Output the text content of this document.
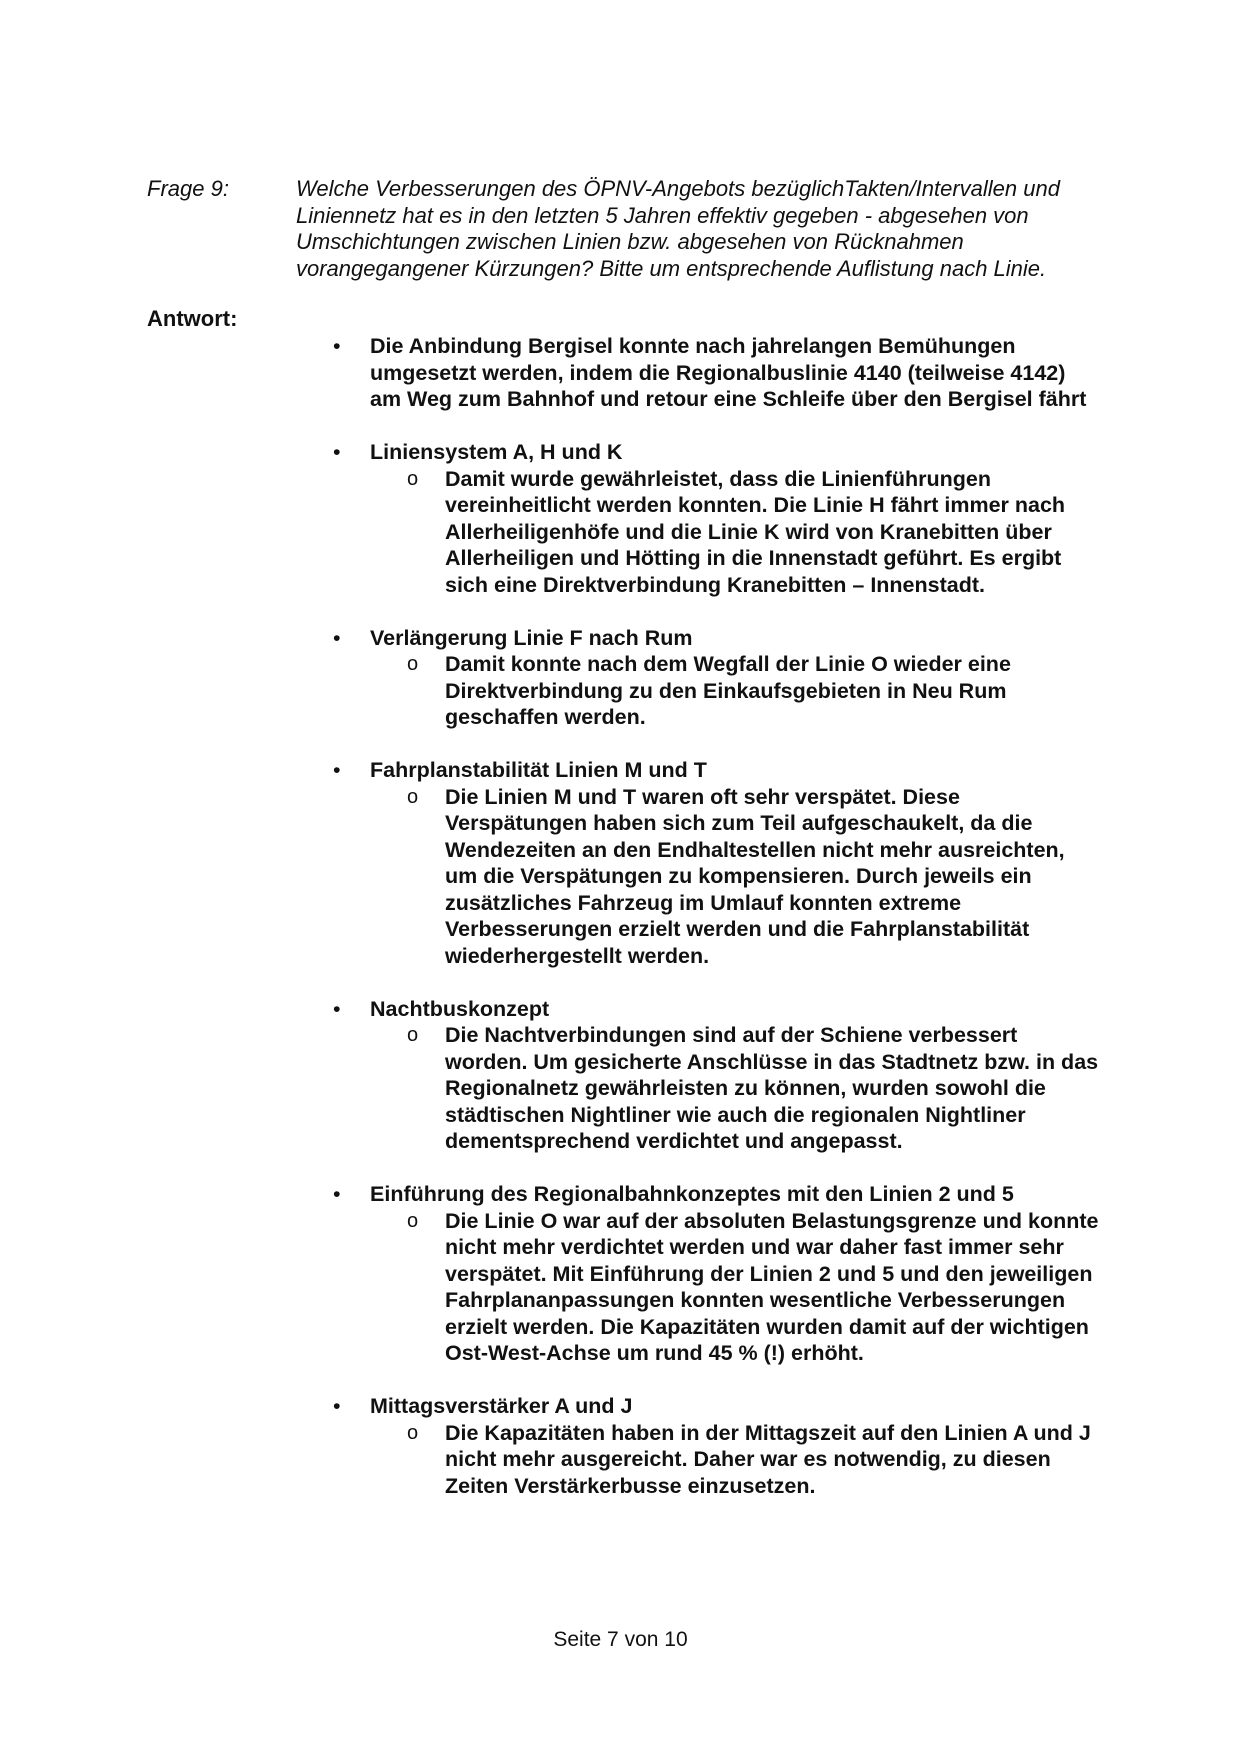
Frage 9:	Welche Verbesserungen des ÖPNV-Angebots bezüglichTakten/Intervallen und Liniennetz hat es in den letzten 5 Jahren effektiv gegeben - abgesehen von Umschichtungen zwischen Linien bzw. abgesehen von Rücknahmen vorangegangener Kürzungen? Bitte um entsprechende Auflistung nach Linie.
Antwort:
• Die Anbindung Bergisel konnte nach jahrelangen Bemühungen umgesetzt werden, indem die Regionalbuslinie 4140 (teilweise 4142) am Weg zum Bahnhof und retour eine Schleife über den Bergisel fährt
• Liniensystem A, H und K
o Damit wurde gewährleistet, dass die Linienführungen vereinheitlicht werden konnten. Die Linie H fährt immer nach Allerheiligenhöfe und die Linie K wird von Kranebitten über Allerheiligen und Hötting in die Innenstadt geführt. Es ergibt sich eine Direktverbindung Kranebitten – Innenstadt.
• Verlängerung Linie F nach Rum
o Damit konnte nach dem Wegfall der Linie O wieder eine Direktverbindung zu den Einkaufsgebieten in Neu Rum geschaffen werden.
• Fahrplanstabilität Linien M und T
o Die Linien M und T waren oft sehr verspätet. Diese Verspätungen haben sich zum Teil aufgeschaukelt, da die Wendezeiten an den Endhaltestellen nicht mehr ausreichten, um die Verspätungen zu kompensieren. Durch jeweils ein zusätzliches Fahrzeug im Umlauf konnten extreme Verbesserungen erzielt werden und die Fahrplanstabilität wiederhergestellt werden.
• Nachtbuskonzept
o Die Nachtverbindungen sind auf der Schiene verbessert worden. Um gesicherte Anschlüsse in das Stadtnetz bzw. in das Regionalnetz gewährleisten zu können, wurden sowohl die städtischen Nightliner wie auch die regionalen Nightliner dementsprechend verdichtet und angepasst.
• Einführung des Regionalbahnkonzeptes mit den Linien 2 und 5
o Die Linie O war auf der absoluten Belastungsgrenze und konnte nicht mehr verdichtet werden und war daher fast immer sehr verspätet. Mit Einführung der Linien 2 und 5 und den jeweiligen Fahrplananpassungen konnten wesentliche Verbesserungen erzielt werden. Die Kapazitäten wurden damit auf der wichtigen Ost-West-Achse um rund 45 % (!) erhöht.
• Mittagsverstärker A und J
o Die Kapazitäten haben in der Mittagszeit auf den Linien A und J nicht mehr ausgereicht. Daher war es notwendig, zu diesen Zeiten Verstärkerbusse einzusetzen.
Seite 7 von 10
